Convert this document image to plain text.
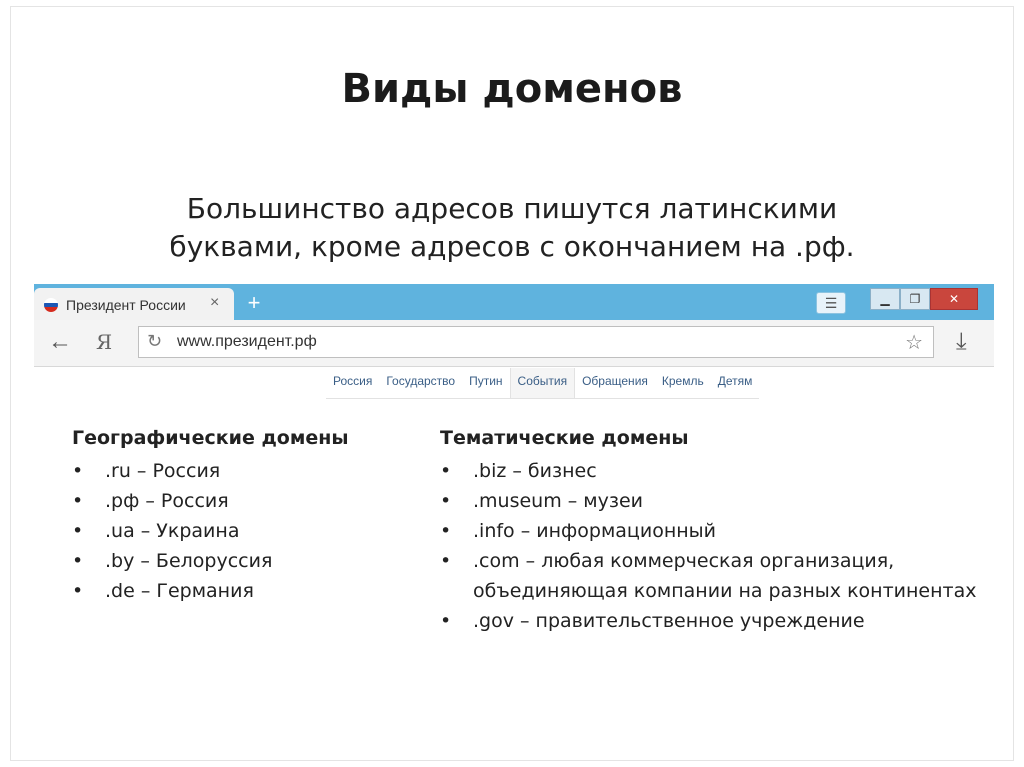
Виды доменов
Большинство адресов пишутся латинскими
буквами, кроме адресов с окончанием на .рф.
Президент России × +	☰	▁	❐	✕
← Я ↻ www.президент.рф	☆ ⤓
Россия	Государство	Путин	События	Обращения	Кремль	Детям
Географические домены
• .ru – Россия
• .рф – Россия
• .ua – Украина
• .by – Белоруссия
• .de – Германия
Тематические домены
• .biz – бизнес
• .museum – музеи
• .info – информационный
• .com – любая коммерческая организация, объединяющая компании на разных континентах
• .gov – правительственное учреждение
